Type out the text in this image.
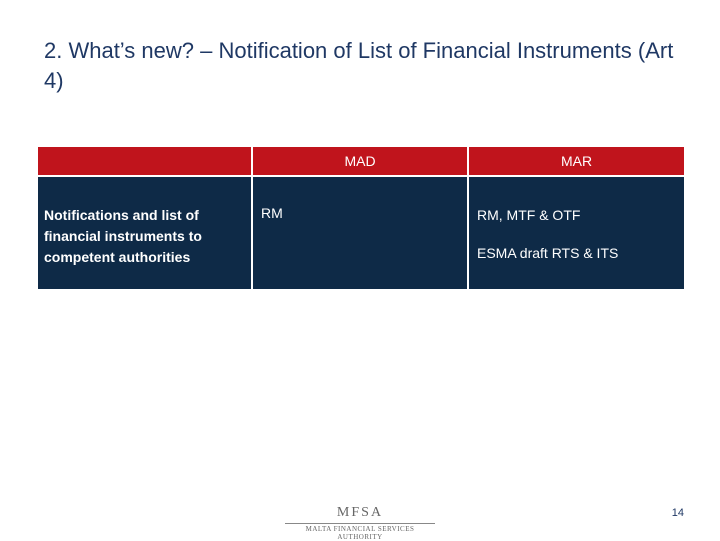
2. What’s new? – Notification of List of Financial Instruments (Art 4)
	MAD	MAR

Notifications and list of financial instruments to competent authorities	RM	RM, MTF & OTF
ESMA draft RTS & ITS
MFSA
MALTA FINANCIAL SERVICES AUTHORITY
14
